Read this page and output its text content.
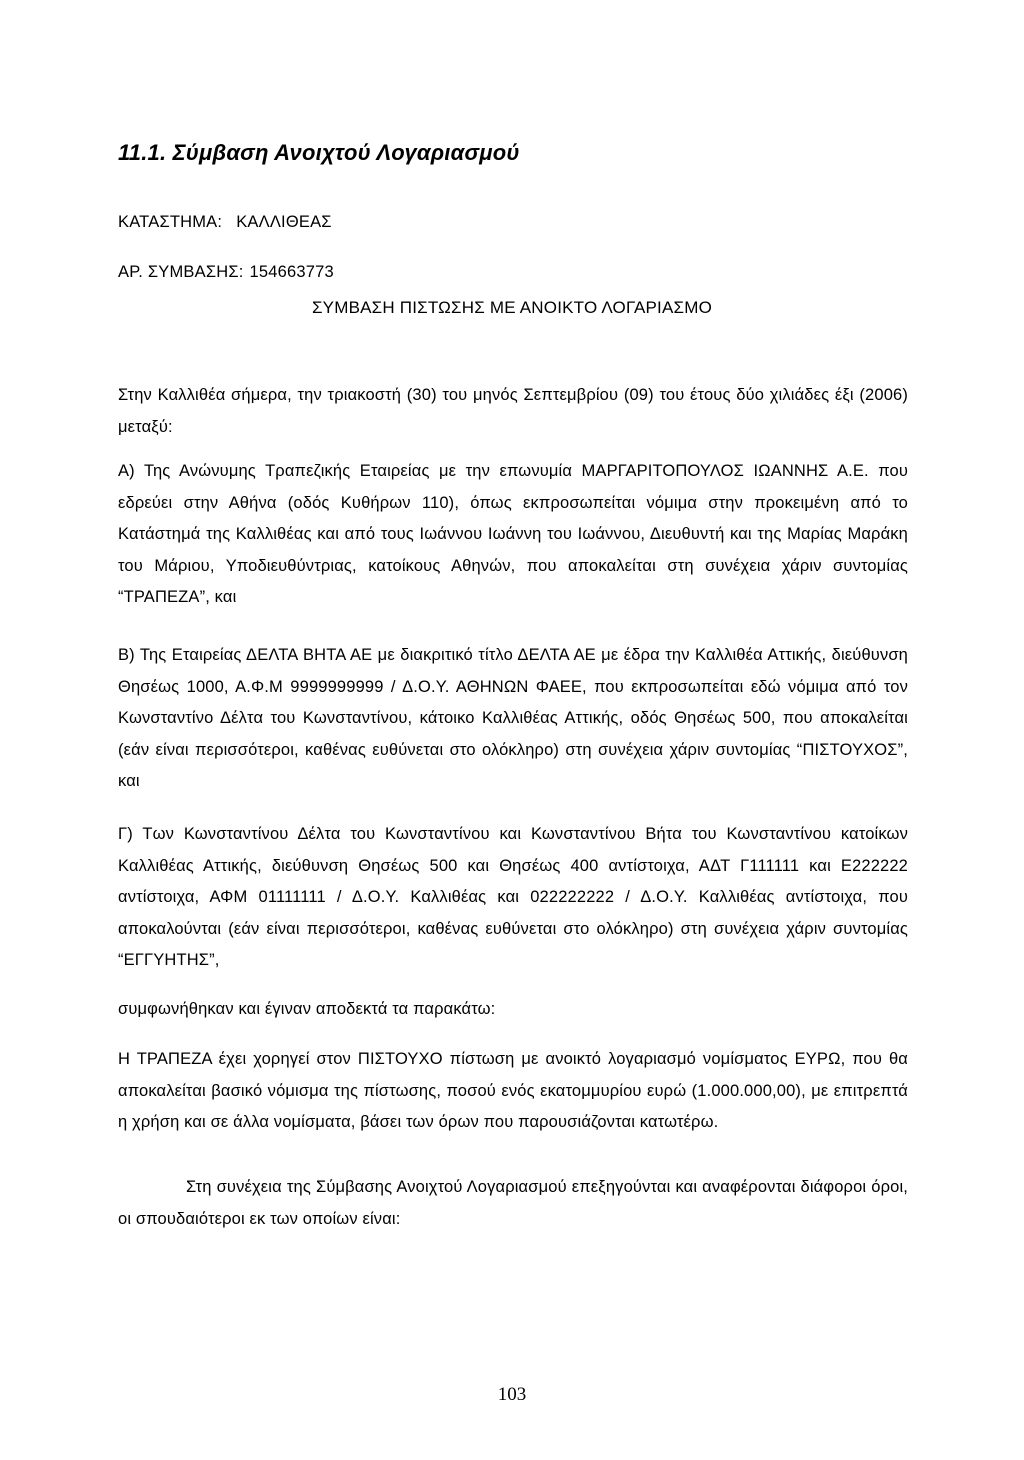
11.1. Σύμβαση Ανοιχτού Λογαριασμού
ΚΑΤΑΣΤΗΜΑ: ΚΑΛΛΙΘΕΑΣ
ΑΡ. ΣΥΜΒΑΣΗΣ: 154663773
ΣΥΜΒΑΣΗ ΠΙΣΤΩΣΗΣ ΜΕ ΑΝΟΙΚΤΟ ΛΟΓΑΡΙΑΣΜΟ
Στην Καλλιθέα σήμερα, την τριακοστή (30) του μηνός Σεπτεμβρίου (09) του έτους δύο χιλιάδες έξι (2006) μεταξύ:
Α) Της Ανώνυμης Τραπεζικής Εταιρείας με την επωνυμία ΜΑΡΓΑΡΙΤΟΠΟΥΛΟΣ ΙΩΑΝΝΗΣ Α.Ε. που εδρεύει στην Αθήνα (οδός Κυθήρων 110), όπως εκπροσωπείται νόμιμα στην προκειμένη από το Κατάστημά της Καλλιθέας και από τους Ιωάννου Ιωάννη του Ιωάννου, Διευθυντή και της Μαρίας Μαράκη του Μάριου, Υποδιευθύντριας, κατοίκους Αθηνών, που αποκαλείται στη συνέχεια χάριν συντομίας “ΤΡΑΠΕΖΑ”, και
Β) Της Εταιρείας ΔΕΛΤΑ ΒΗΤΑ ΑΕ με διακριτικό τίτλο ΔΕΛΤΑ ΑΕ με έδρα την Καλλιθέα Αττικής, διεύθυνση Θησέως 1000, Α.Φ.Μ 9999999999 / Δ.Ο.Υ. ΑΘΗΝΩΝ ΦΑΕΕ, που εκπροσωπείται εδώ νόμιμα από τον Κωνσταντίνο Δέλτα του Κωνσταντίνου, κάτοικο Καλλιθέας Αττικής, οδός Θησέως 500, που αποκαλείται (εάν είναι περισσότεροι, καθένας ευθύνεται στο ολόκληρο) στη συνέχεια χάριν συντομίας “ΠΙΣΤΟΥΧΟΣ”, και
Γ) Των Κωνσταντίνου Δέλτα του Κωνσταντίνου και Κωνσταντίνου Βήτα του Κωνσταντίνου κατοίκων Καλλιθέας Αττικής, διεύθυνση Θησέως 500 και Θησέως 400 αντίστοιχα, ΑΔΤ Γ111111 και Ε222222 αντίστοιχα, ΑΦΜ 01111111 / Δ.Ο.Υ. Καλλιθέας και 022222222 / Δ.Ο.Υ. Καλλιθέας αντίστοιχα, που αποκαλούνται (εάν είναι περισσότεροι, καθένας ευθύνεται στο ολόκληρο) στη συνέχεια χάριν συντομίας “ΕΓΓΥΗΤΗΣ”,
συμφωνήθηκαν και έγιναν αποδεκτά τα παρακάτω:
Η ΤΡΑΠΕΖΑ έχει χορηγεί στον ΠΙΣΤΟΥΧΟ πίστωση με ανοικτό λογαριασμό νομίσματος ΕΥΡΩ, που θα αποκαλείται βασικό νόμισμα της πίστωσης, ποσού ενός εκατομμυρίου ευρώ (1.000.000,00), με επιτρεπτά η χρήση και σε άλλα νομίσματα, βάσει των όρων που παρουσιάζονται κατωτέρω.
Στη συνέχεια της Σύμβασης Ανοιχτού Λογαριασμού επεξηγούνται και αναφέρονται διάφοροι όροι, οι σπουδαιότεροι εκ των οποίων είναι:
103
